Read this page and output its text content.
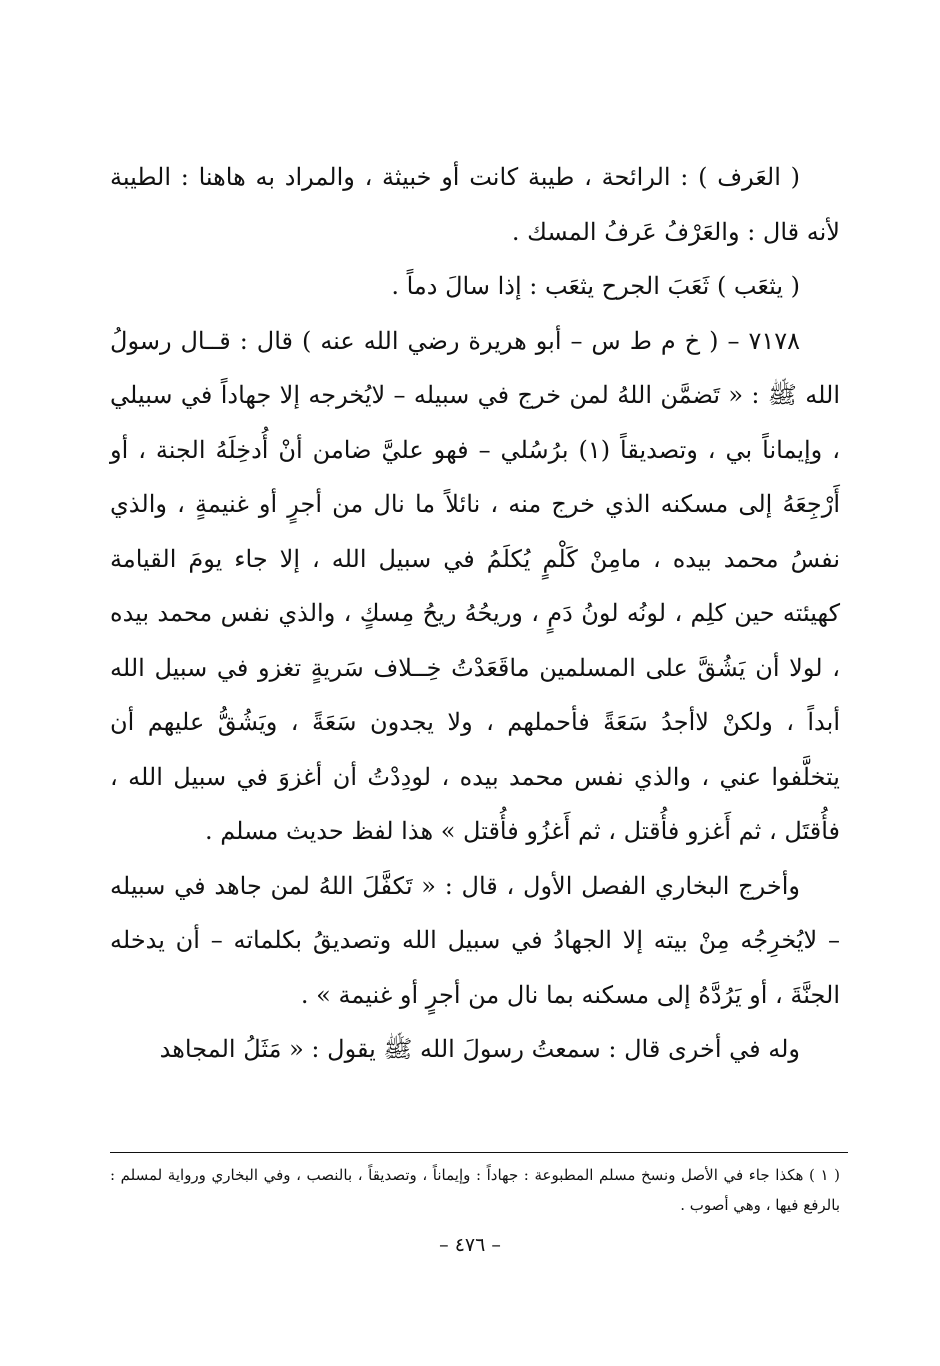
( العَرف ) : الرائحة ، طيبة كانت أو خبيثة ، والمراد به هاهنا : الطيبة لأنه قال : والعَرْفُ عَرفُ المسك .

( يثعَب ) ثَعَبَ الجرح يثعَب : إذا سالَ دماً .

٧١٧٨ – ( خ م ط س – أبو هريرة رضي الله عنه ) قال : قــال رسولُ الله ﷺ : « تَضمَّن اللهُ لمن خرج في سبيله – لايُخرجه إلا جهاداً في سبيلي ، وإيماناً بي ، وتصديقاً (١) برُسُلي – فهو عليَّ ضامن أنْ أُدخِلَهُ الجنة ، أو أَرْجِعَهُ إلى مسكنه الذي خرج منه ، نائلاً ما نال من أجرٍ أو غنيمةٍ ، والذي نفسُ محمد بيده ، مامِنْ كَلْمٍ يُكلَمُ في سبيل الله ، إلا جاء يومَ القيامة كهيئته حين كلِم ، لونُه لونُ دَمٍ ، وريحُهُ ريحُ مِسكٍ ، والذي نفس محمد بيده ، لولا أن يَشُقَّ على المسلمين ماقَعَدْتُ خِــلاف سَريةٍ تغزو في سبيل الله أبداً ، ولكنْ لاأجدُ سَعَةً فأحملهم ، ولا يجدون سَعَةً ، ويَشُقُّ عليهم أن يتخلَّفوا عني ، والذي نفس محمد بيده ، لودِدْتُ أن أغزوَ في سبيل الله ، فأُقتَل ، ثم أَغزو فأُقتل ، ثم أَغزُو فأُقتل » هذا لفظ حديث مسلم .

وأخرج البخاري الفصل الأول ، قال : « تَكفَّلَ اللهُ لمن جاهد في سبيله – لايُخرِجُه مِنْ بيته إلا الجهادُ في سبيل الله وتصديقُ بكلماته – أن يدخله الجنَّةَ ، أو يَرُدَّهُ إلى مسكنه بما نال من أجرٍ أو غنيمة » .

وله في أخرى قال : سمعتُ رسولَ الله ﷺ يقول : « مَثَلُ المجاهد

( ١ ) هكذا جاء في الأصل ونسخ مسلم المطبوعة : جهاداً : وإيماناً ، وتصديقاً ، بالنصب ، وفي البخاري ورواية لمسلم : بالرفع فيها ، وهي أصوب .
– ٤٧٦ –
